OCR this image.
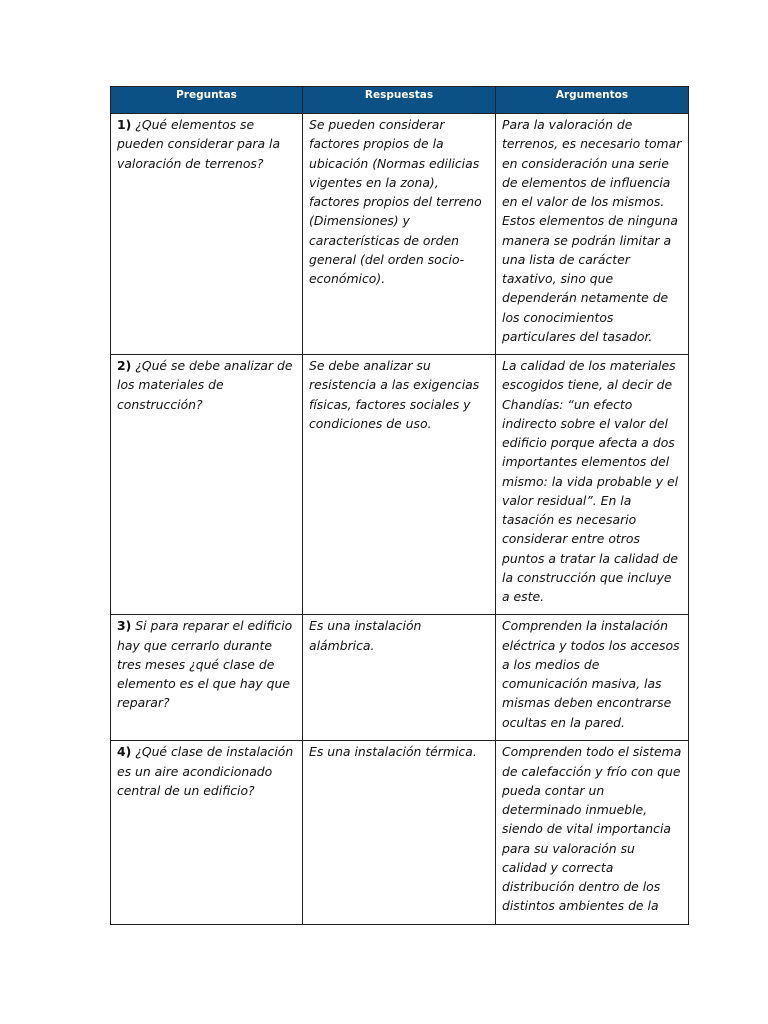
Preguntas	Respuestas	Argumentos
1) ¿Qué elementos se pueden considerar para la valoración de terrenos?	Se pueden considerar factores propios de la ubicación (Normas edilicias vigentes en la zona), factores propios del terreno (Dimensiones) y características de orden general (del orden socio-económico).	Para la valoración de terrenos, es necesario tomar en consideración una serie de elementos de influencia en el valor de los mismos. Estos elementos de ninguna manera se podrán limitar a una lista de carácter taxativo, sino que dependerán netamente de los conocimientos particulares del tasador.
2) ¿Qué se debe analizar de los materiales de construcción?	Se debe analizar su resistencia a las exigencias físicas, factores sociales y condiciones de uso.	La calidad de los materiales escogidos tiene, al decir de Chandías: “un efecto indirecto sobre el valor del edificio porque afecta a dos importantes elementos del mismo: la vida probable y el valor residual”. En la tasación es necesario considerar entre otros puntos a tratar la calidad de la construcción que incluye a este.
3) Si para reparar el edificio hay que cerrarlo durante tres meses ¿qué clase de elemento es el que hay que reparar?	Es una instalación alámbrica.	Comprenden la instalación eléctrica y todos los accesos a los medios de comunicación masiva, las mismas deben encontrarse ocultas en la pared.
4) ¿Qué clase de instalación es un aire acondicionado central de un edificio?	Es una instalación térmica.	Comprenden todo el sistema de calefacción y frío con que pueda contar un determinado inmueble, siendo de vital importancia para su valoración su calidad y correcta distribución dentro de los distintos ambientes de la
